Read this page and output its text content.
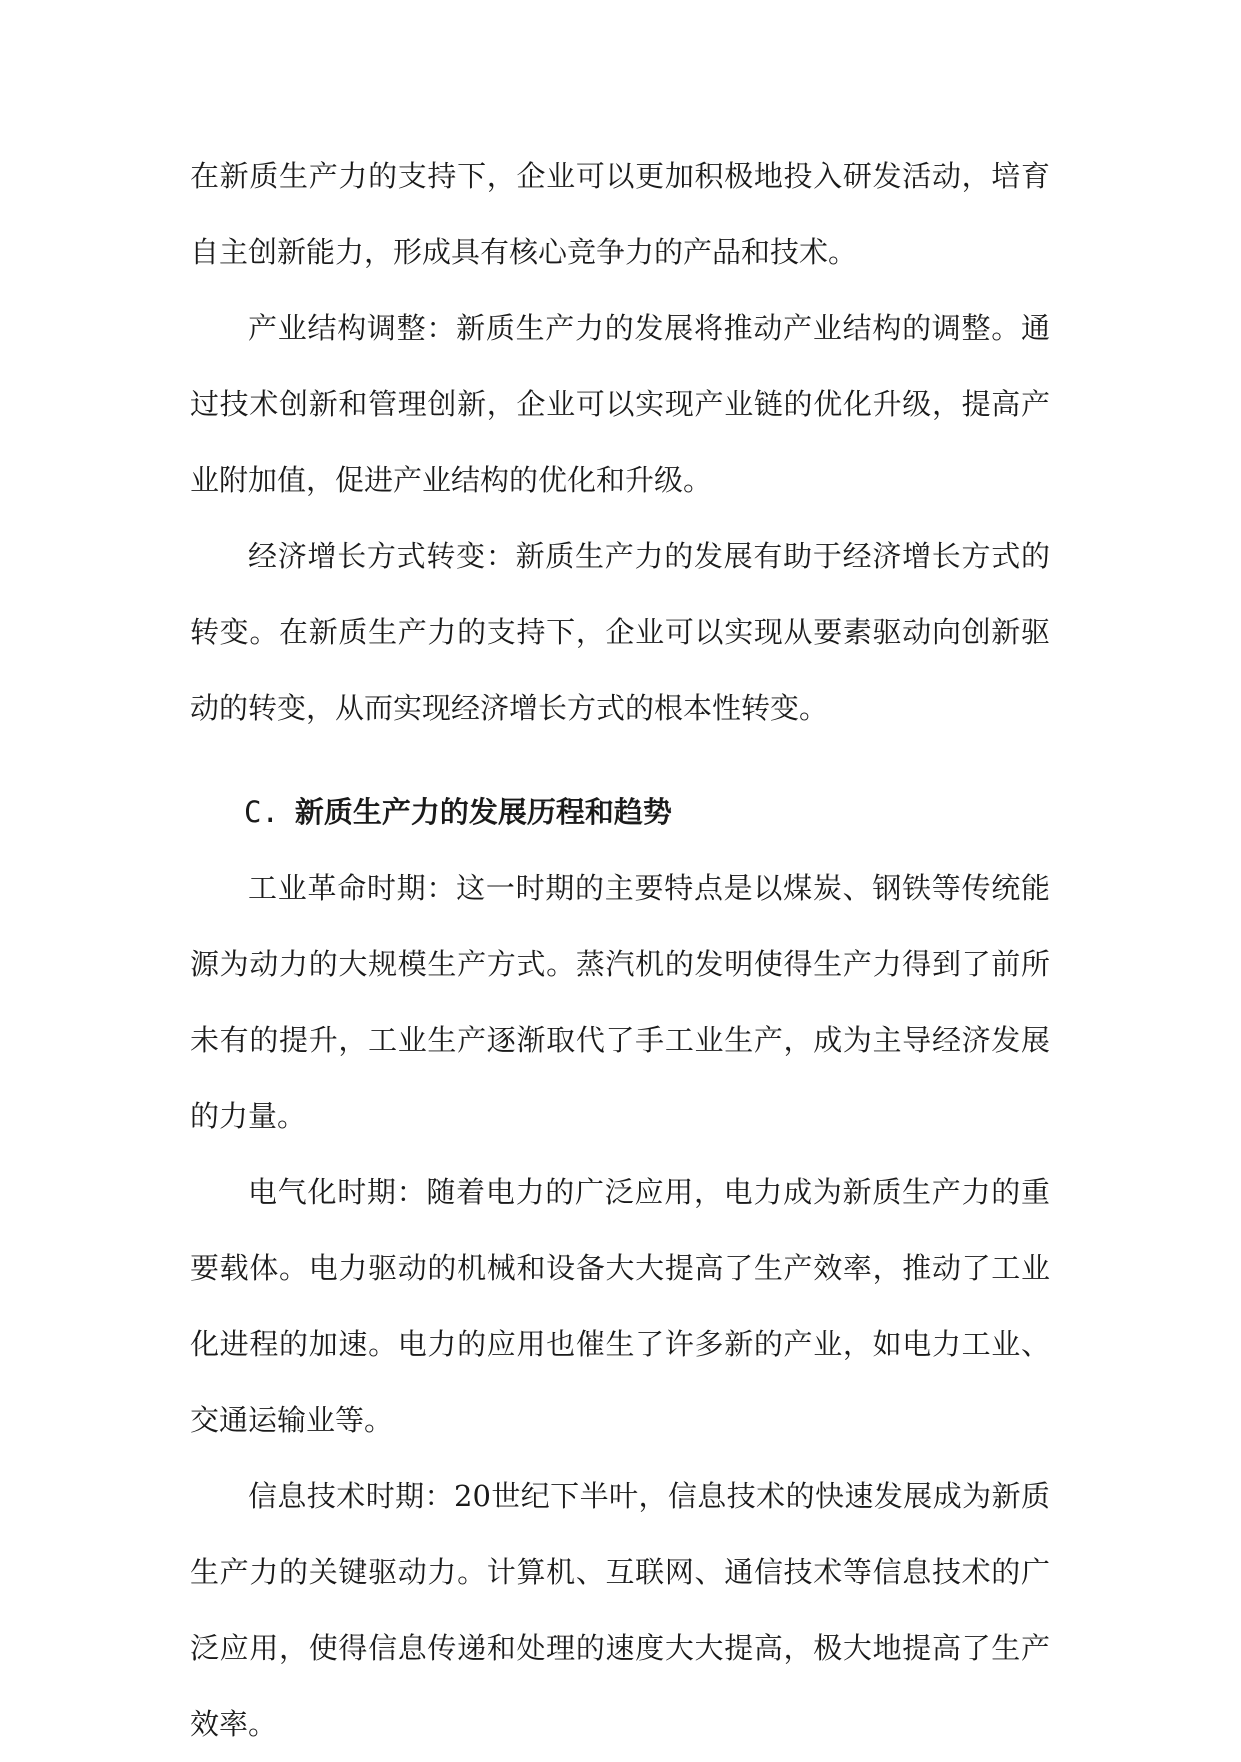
在新质生产力的支持下，企业可以更加积极地投入研发活动，培育自主创新能力，形成具有核心竞争力的产品和技术。

产业结构调整：新质生产力的发展将推动产业结构的调整。通过技术创新和管理创新，企业可以实现产业链的优化升级，提高产业附加值，促进产业结构的优化和升级。

经济增长方式转变：新质生产力的发展有助于经济增长方式的转变。在新质生产力的支持下，企业可以实现从要素驱动向创新驱动的转变，从而实现经济增长方式的根本性转变。

C. 新质生产力的发展历程和趋势

工业革命时期：这一时期的主要特点是以煤炭、钢铁等传统能源为动力的大规模生产方式。蒸汽机的发明使得生产力得到了前所未有的提升，工业生产逐渐取代了手工业生产，成为主导经济发展的力量。

电气化时期：随着电力的广泛应用，电力成为新质生产力的重要载体。电力驱动的机械和设备大大提高了生产效率，推动了工业化进程的加速。电力的应用也催生了许多新的产业，如电力工业、交通运输业等。

信息技术时期：20世纪下半叶，信息技术的快速发展成为新质生产力的关键驱动力。计算机、互联网、通信技术等信息技术的广泛应用，使得信息传递和处理的速度大大提高，极大地提高了生产效率。
